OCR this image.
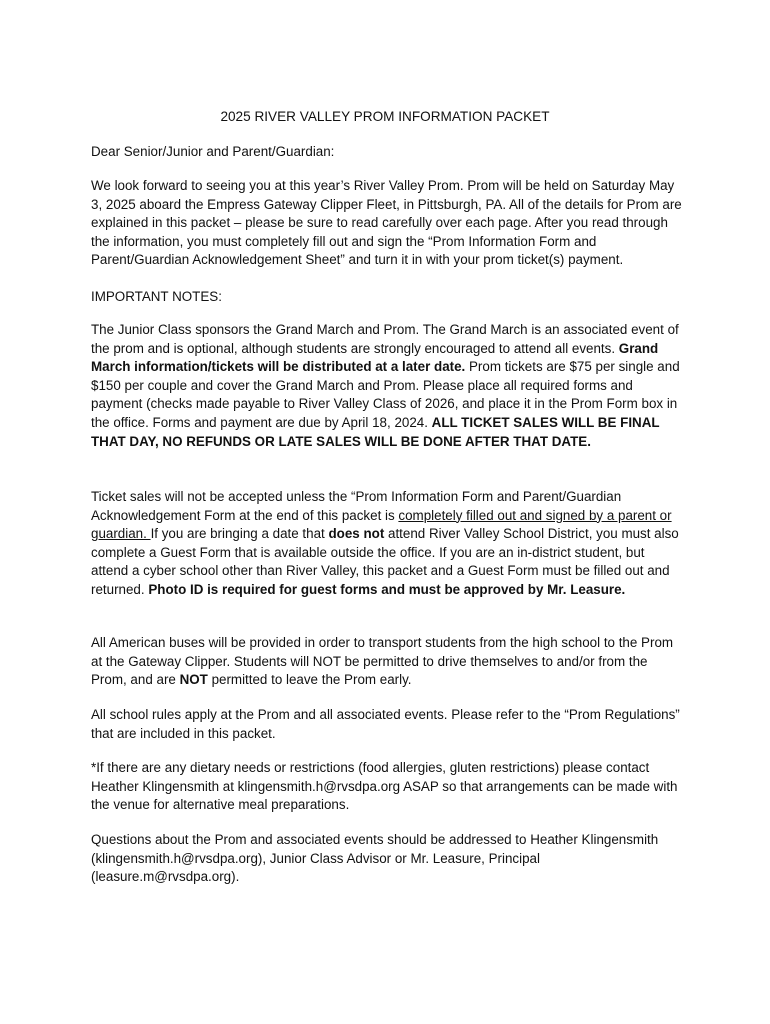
2025 RIVER VALLEY PROM INFORMATION PACKET

Dear Senior/Junior and Parent/Guardian:

We look forward to seeing you at this year’s River Valley Prom. Prom will be held on Saturday May 3, 2025 aboard the Empress Gateway Clipper Fleet, in Pittsburgh, PA. All of the details for Prom are explained in this packet – please be sure to read carefully over each page. After you read through the information, you must completely fill out and sign the “Prom Information Form and Parent/Guardian Acknowledgement Sheet” and turn it in with your prom ticket(s) payment.

IMPORTANT NOTES:

The Junior Class sponsors the Grand March and Prom. The Grand March is an associated event of the prom and is optional, although students are strongly encouraged to attend all events. Grand March information/tickets will be distributed at a later date. Prom tickets are $75 per single and $150 per couple and cover the Grand March and Prom. Please place all required forms and payment (checks made payable to River Valley Class of 2026, and place it in the Prom Form box in the office. Forms and payment are due by April 18, 2024. ALL TICKET SALES WILL BE FINAL THAT DAY, NO REFUNDS OR LATE SALES WILL BE DONE AFTER THAT DATE.

Ticket sales will not be accepted unless the “Prom Information Form and Parent/Guardian Acknowledgement Form at the end of this packet is completely filled out and signed by a parent or guardian. If you are bringing a date that does not attend River Valley School District, you must also complete a Guest Form that is available outside the office. If you are an in-district student, but attend a cyber school other than River Valley, this packet and a Guest Form must be filled out and returned. Photo ID is required for guest forms and must be approved by Mr. Leasure.

All American buses will be provided in order to transport students from the high school to the Prom at the Gateway Clipper. Students will NOT be permitted to drive themselves to and/or from the Prom, and are NOT permitted to leave the Prom early.

All school rules apply at the Prom and all associated events. Please refer to the “Prom Regulations” that are included in this packet.

*If there are any dietary needs or restrictions (food allergies, gluten restrictions) please contact Heather Klingensmith at klingensmith.h@rvsdpa.org ASAP so that arrangements can be made with the venue for alternative meal preparations.

Questions about the Prom and associated events should be addressed to Heather Klingensmith (klingensmith.h@rvsdpa.org), Junior Class Advisor or Mr. Leasure, Principal (leasure.m@rvsdpa.org).
